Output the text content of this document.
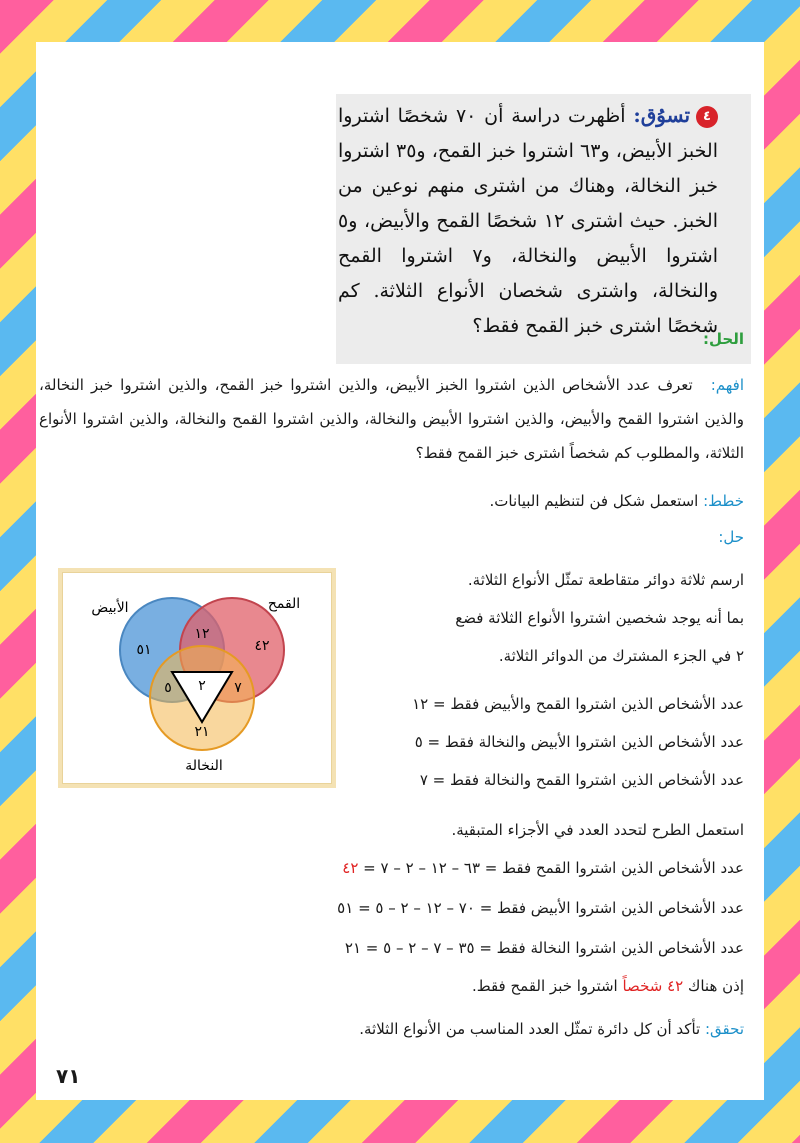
٤تسوُق: أظهرت دراسة أن ٧٠ شخصًا اشتروا الخبز الأبيض، و٦٣ اشتروا خبز القمح، و٣٥ اشتروا خبز النخالة، وهناك من اشترى منهم نوعين من الخبز. حيث اشترى ١٢ شخصًا القمح والأبيض، و٥ اشتروا الأبيض والنخالة، و٧ اشتروا القمح والنخالة، واشترى شخصان الأنواع الثلاثة. كم شخصًا اشترى خبز القمح فقط؟
الحل:
افهم:
تعرف عدد الأشخاص الذين اشتروا الخبز الأبيض، والذين اشتروا خبز القمح، والذين اشتروا خبز النخالة، والذين اشتروا القمح والأبيض، والذين اشتروا الأبيض والنخالة، والذين اشتروا القمح والنخالة، والذين اشتروا الأنواع الثلاثة، والمطلوب كم شخصاً اشترى خبز القمح فقط؟
خطط: استعمل شكل فن لتنظيم البيانات.
حل:
الأبيض	القمح
النخالة
٥١	٤٢
٢١
١٢
٥	٧
٢
ارسم ثلاثة دوائر متقاطعة تمثّل الأنواع الثلاثة.
بما أنه يوجد شخصين اشتروا الأنواع الثلاثة فضع
٢ في الجزء المشترك من الدوائر الثلاثة.
عدد الأشخاص الذين اشتروا القمح والأبيض فقط = ١٢
عدد الأشخاص الذين اشتروا الأبيض والنخالة فقط = ٥
عدد الأشخاص الذين اشتروا القمح والنخالة فقط = ٧
استعمل الطرح لتحدد العدد في الأجزاء المتبقية.
عدد الأشخاص الذين اشتروا القمح فقط = ٦٣ – ١٢ – ٢ – ٧ = ٤٢
عدد الأشخاص الذين اشتروا الأبيض فقط = ٧٠ – ١٢ – ٢ – ٥ = ٥١
عدد الأشخاص الذين اشتروا النخالة فقط = ٣٥ – ٧ – ٢ – ٥ = ٢١
إذن هناك ٤٢ شخصاً اشتروا خبز القمح فقط.
تحقق: تأكد أن كل دائرة تمثّل العدد المناسب من الأنواع الثلاثة.
٧١
